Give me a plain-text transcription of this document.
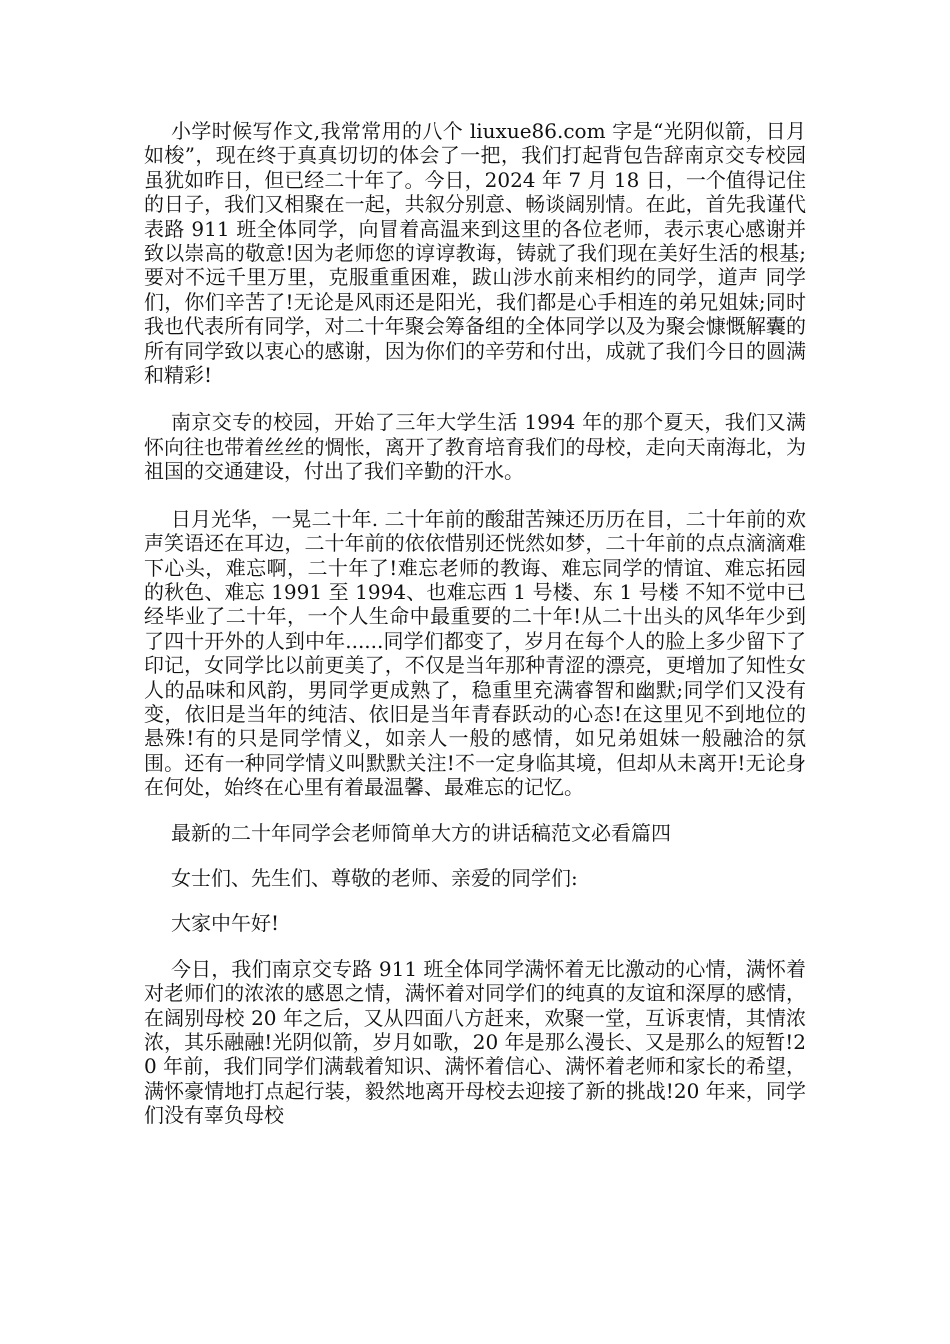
小学时候写作文,我常常用的八个 liuxue86.com 字是“光阴似箭，日月如梭”，现在终于真真切切的体会了一把，我们打起背包告辞南京交专校园虽犹如昨日，但已经二十年了。今日，2024 年 7 月 18 日，一个值得记住的日子，我们又相聚在一起，共叙分别意、畅谈阔别情。在此，首先我谨代表路 911 班全体同学，向冒着高温来到这里的各位老师，表示衷心感谢并致以崇高的敬意!因为老师您的谆谆教诲，铸就了我们现在美好生活的根基;要对不远千里万里，克服重重困难，跋山涉水前来相约的同学，道声 同学们，你们辛苦了!无论是风雨还是阳光，我们都是心手相连的弟兄姐妹;同时我也代表所有同学，对二十年聚会筹备组的全体同学以及为聚会慷慨解囊的所有同学致以衷心的感谢，因为你们的辛劳和付出，成就了我们今日的圆满和精彩!

南京交专的校园，开始了三年大学生活 1994 年的那个夏天，我们又满怀向往也带着丝丝的惆怅，离开了教育培育我们的母校，走向天南海北，为祖国的交通建设，付出了我们辛勤的汗水。

日月光华，一晃二十年. 二十年前的酸甜苦辣还历历在目，二十年前的欢声笑语还在耳边，二十年前的依依惜别还恍然如梦，二十年前的点点滴滴难下心头，难忘啊，二十年了!难忘老师的教诲、难忘同学的情谊、难忘拓园的秋色、难忘 1991 至 1994、也难忘西 1 号楼、东 1 号楼 不知不觉中已经毕业了二十年，一个人生命中最重要的二十年!从二十出头的风华年少到了四十开外的人到中年......同学们都变了，岁月在每个人的脸上多少留下了印记，女同学比以前更美了，不仅是当年那种青涩的漂亮，更增加了知性女人的品味和风韵，男同学更成熟了，稳重里充满睿智和幽默;同学们又没有变，依旧是当年的纯洁、依旧是当年青春跃动的心态!在这里见不到地位的悬殊!有的只是同学情义，如亲人一般的感情，如兄弟姐妹一般融洽的氛围。还有一种同学情义叫默默关注!不一定身临其境，但却从未离开!无论身在何处，始终在心里有着最温馨、最难忘的记忆。

最新的二十年同学会老师简单大方的讲话稿范文必看篇四

女士们、先生们、尊敬的老师、亲爱的同学们:

大家中午好!

今日，我们南京交专路 911 班全体同学满怀着无比激动的心情，满怀着对老师们的浓浓的感恩之情，满怀着对同学们的纯真的友谊和深厚的感情，在阔别母校 20 年之后，又从四面八方赶来，欢聚一堂，互诉衷情，其情浓浓，其乐融融!光阴似箭，岁月如歌，20 年是那么漫长、又是那么的短暂!20 年前，我们同学们满载着知识、满怀着信心、满怀着老师和家长的希望，满怀豪情地打点起行装，毅然地离开母校去迎接了新的挑战!20 年来，同学们没有辜负母校
